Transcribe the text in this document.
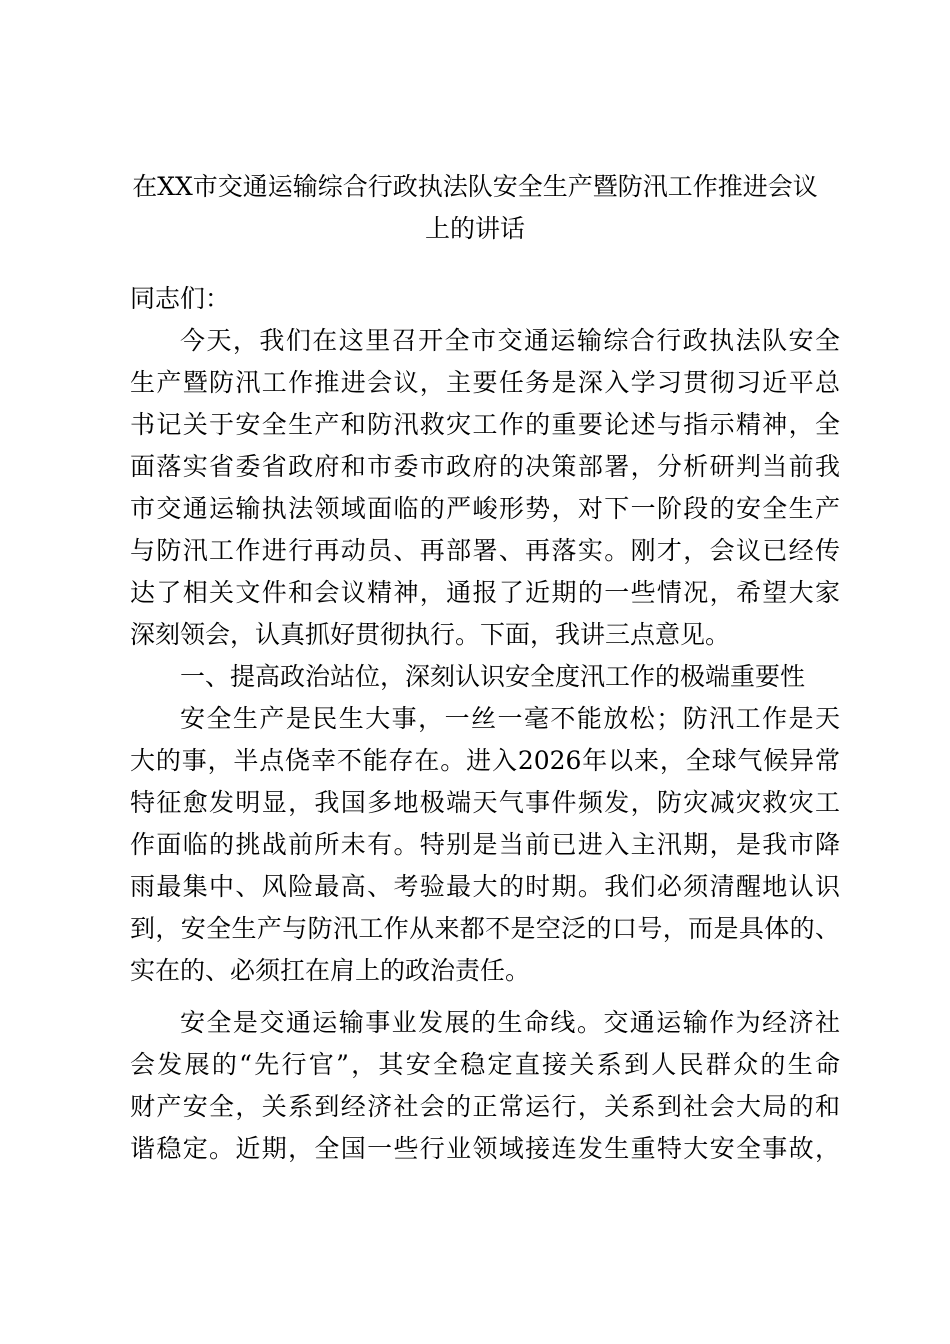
在XX市交通运输综合行政执法队安全生产暨防汛工作推进会议
上的讲话
同志们：
今天，我们在这里召开全市交通运输综合行政执法队安全
生产暨防汛工作推进会议，主要任务是深入学习贯彻习近平总
书记关于安全生产和防汛救灾工作的重要论述与指示精神，全
面落实省委省政府和市委市政府的决策部署，分析研判当前我
市交通运输执法领域面临的严峻形势，对下一阶段的安全生产
与防汛工作进行再动员、再部署、再落实。刚才，会议已经传
达了相关文件和会议精神，通报了近期的一些情况，希望大家
深刻领会，认真抓好贯彻执行。下面，我讲三点意见。
一、提高政治站位，深刻认识安全度汛工作的极端重要性
安全生产是民生大事，一丝一毫不能放松；防汛工作是天
大的事，半点侥幸不能存在。进入2026年以来，全球气候异常
特征愈发明显，我国多地极端天气事件频发，防灾减灾救灾工
作面临的挑战前所未有。特别是当前已进入主汛期，是我市降
雨最集中、风险最高、考验最大的时期。我们必须清醒地认识
到，安全生产与防汛工作从来都不是空泛的口号，而是具体的、
实在的、必须扛在肩上的政治责任。
安全是交通运输事业发展的生命线。交通运输作为经济社
会发展的“先行官”，其安全稳定直接关系到人民群众的生命
财产安全，关系到经济社会的正常运行，关系到社会大局的和
谐稳定。近期，全国一些行业领域接连发生重特大安全事故，
